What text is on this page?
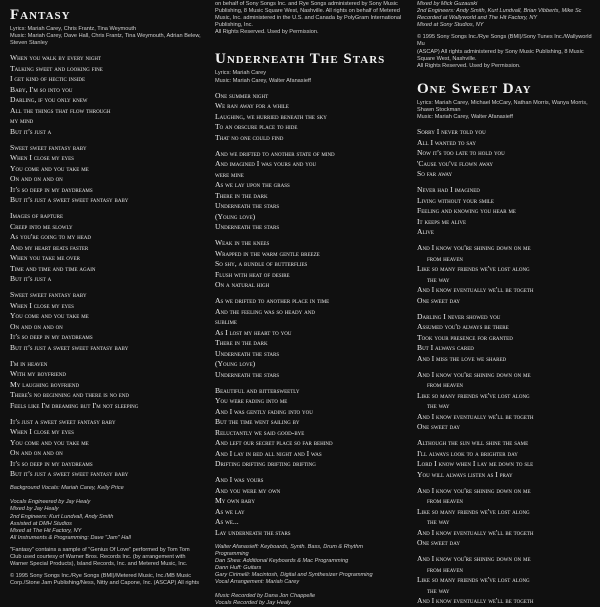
Fantasy
Lyrics: Mariah Carey, Chris Frantz, Tina Weymouth
Music: Mariah Carey, Dave Hall, Chris Frantz, Tina Weymouth, Adrian Belew,
Steven Stanley
When you walk by every night
Talking sweet and looking fine
I get kind of hectic inside
Baby, I'm so into you
Darling, if you only knew
All the things that flow through
my mind
But it's just a
Sweet sweet fantasy baby
When I close my eyes
You come and you take me
On and on and on
It's so deep in my daydreams
But it's just a sweet sweet fantasy baby
Images of rapture
Creep into me slowly
As you're going to my head
And my heart beats faster
When you take me over
Time and time and time again
But it's just a
Sweet sweet fantasy baby
When I close my eyes
You come and you take me
On and on and on
It's so deep in my daydreams
But it's just a sweet sweet fantasy baby
I'm in heaven
With my boyfriend
My laughing boyfriend
There's no beginning and there is no end
Feels like I'm dreaming but I'm not sleeping
It's just a sweet sweet fantasy baby
When I close my eyes
You come and you take me
On and on and on
It's so deep in my daydreams
But it's just a sweet sweet fantasy baby
Background Vocals: Mariah Carey, Kelly Price
Vocals Engineered by Jay Healy
Mixed by Jay Healy
2nd Engineers: Kurt Lundvall, Andy Smith
Assisted at DMH Studios
Mixed at The Hit Factory, NY
All Instruments & Programming: Dave "Jam" Hall
"Fantasy" contains a sample of "Genius Of Love" performed by Tom Tom
Club used courtesy of Warner Bros. Records Inc. (by arrangement with
Warner Special Products), Island Records, Inc. and Metered Music, Inc.
© 1995 Sony Songs Inc./Rye Songs (BMI)/Metered Music, Inc./MB Music
Corp./Stone Jam Publishing/Ness, Nitty and Capone, Inc. (ASCAP) All rights
on behalf of Sony Songs Inc. and Rye Songs administered by Sony Music
Publishing, 8 Music Square West, Nashville. All rights on behalf of Metered
Music, Inc. administered in the U.S. and Canada by PolyGram International
Publishing, Inc.
All Rights Reserved. Used by Permission.
Underneath The Stars
Lyrics: Mariah Carey
Music: Mariah Carey, Walter Afanasieff
One summer night
We ran away for a while
Laughing, we hurried beneath the sky
To an obscure place to hide
That no one could find
And we drifted to another state of mind
And imagined I was yours and you
were mine
As we lay upon the grass
There in the dark
Underneath the stars
(Young love)
Underneath the stars
Weak in the knees
Wrapped in the warm gentle breeze
So shy, a bundle of butterflies
Flush with heat of desire
On a natural high
As we drifted to another place in time
And the feeling was so heady and
sublime
As I lost my heart to you
There in the dark
Underneath the stars
(Young love)
Underneath the stars
Beautiful and bittersweetly
You were fading into me
And I was gently fading into you
But the time went sailing by
Reluctantly we said good-bye
And left our secret place so far behind
And I lay in bed all night and I was
Drifting drifting drifting drifting
And I was yours
And you were my own
My own baby
As we lay
As we...
Lay underneath the stars
Walter Afanasieff: Keyboards, Synth. Bass, Drum & Rhythm
Programming
Dan Shea: Additional Keyboards & Mac Programming
Dann Huff: Guitars
Gary Cirimelli: Macintosh, Digital and Synthesizer Programming
Vocal Arrangement: Mariah Carey
Music Recorded by Dana Jon Chappelle
Vocals Recorded by Jay Healy
Mixed by Mick Guzauski
2nd Engineers: Andy Smith, Kurt Lundvall, Brian Vibberts, Mike Sc
Recorded at Wallyworld and The Hit Factory, NY
Mixed at Sony Studios, NY
© 1995 Sony Songs Inc./Rye Songs (BMI)/Sony Tunes Inc./Wallyworld Mu
(ASCAP) All rights administered by Sony Music Publishing, 8 Music
Square West, Nashville.
All Rights Reserved. Used by Permission.
One Sweet Day
Lyrics: Mariah Carey, Michael McCary, Nathan Morris, Wanya Morris,
Shawn Stockman
Music: Mariah Carey, Walter Afanasieff
Sorry I never told you
All I wanted to say
Now it's too late to hold you
'Cause you've flown away
So far away
Never had I imagined
Living without your smile
Feeling and knowing you hear me
It keeps me alive
Alive
And I know you're shining down on me
from heaven
Like so many friends we've lost along
the way
And I know eventually we'll be togeth
One sweet day
Darling I never showed you
Assumed you'd always be there
Took your presence for granted
But I always cared
And I miss the love we shared
And I know you're shining down on me
from heaven
Like so many friends we've lost along
the way
And I know eventually we'll be togeth
One sweet day
Although the sun will shine the same
I'll always look to a brighter day
Lord I know when I lay me down to sle
You will always listen as I pray
And I know you're shining down on me
from heaven
Like so many friends we've lost along
the way
And I know eventually we'll be togeth
One sweet day
And I know you're shining down on me
from heaven
Like so many friends we've lost along
the way
And I know eventually we'll be togeth
